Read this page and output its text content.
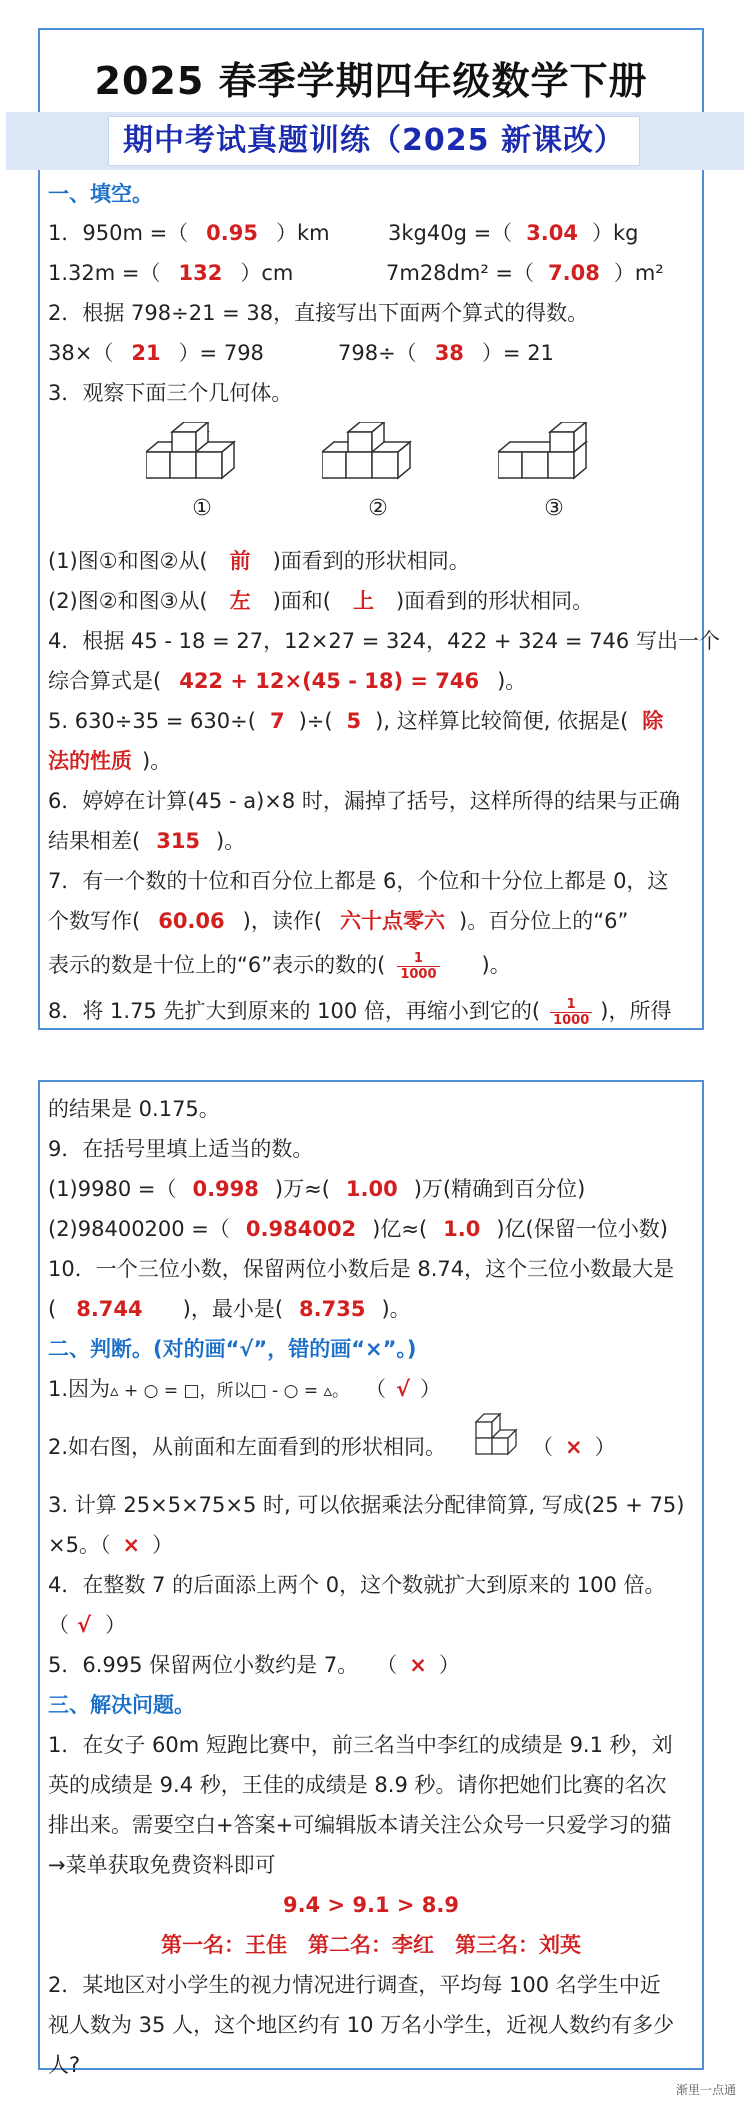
2025 春季学期四年级数学下册
期中考试真题训练（2025 新课改）
一、填空。
1．950m =（ 0.95 ）km	3kg40g =（ 3.04 ）kg
1.32m =（ 132 ）cm	7m28dm² =（ 7.08 ）m²
2．根据 798÷21 = 38，直接写出下面两个算式的得数。
38×（ 21 ）= 798	798÷（ 38 ）= 21
3．观察下面三个几何体。
①	②	③
(1)图①和图②从( 前 )面看到的形状相同。
(2)图②和图③从( 左 )面和( 上 )面看到的形状相同。
4．根据 45 - 18 = 27，12×27 = 324，422 + 324 = 746 写出一个
综合算式是( 422 + 12×(45 - 18) = 746 )。
5. 630÷35 = 630÷( 7 )÷( 5 ), 这样算比较简便, 依据是( 除
法的性质 )。
6．婷婷在计算(45 - a)×8 时，漏掉了括号，这样所得的结果与正确
结果相差( 315 )。
7．有一个数的十位和百分位上都是 6，个位和十分位上都是 0，这
个数写作( 60.06 )，读作( 六十点零六 )。百分位上的“6”
表示的数是十位上的“6”表示的数的( $\frac{1}{1000}$ )。
8．将 1.75 先扩大到原来的 100 倍，再缩小到它的( $\frac{1}{1000}$ )，所得
的结果是 0.175。
9．在括号里填上适当的数。
(1)9980 =（ 0.998 )万≈( 1.00 )万(精确到百分位)
(2)98400200 =（ 0.984002 )亿≈( 1.0 )亿(保留一位小数)
10．一个三位小数，保留两位小数后是 8.74，这个三位小数最大是
( 8.744 )，最小是( 8.735 )。
二、判断。(对的画“√”，错的画“×”。)
1.因为▵ + ○ = □，所以□ - ○ = ▵。 （ √ ）
2.如右图，从前面和左面看到的形状相同。	（ × ）
3. 计算 25×5×75×5 时, 可以依据乘法分配律简算, 写成(25 + 75)
×5。（ × ）
4．在整数 7 的后面添上两个 0，这个数就扩大到原来的 100 倍。
（ √ ）
5．6.995 保留两位小数约是 7。 （ × ）
三、解决问题。
1．在女子 60m 短跑比赛中，前三名当中李红的成绩是 9.1 秒，刘
英的成绩是 9.4 秒，王佳的成绩是 8.9 秒。请你把她们比赛的名次
排出来。需要空白+答案+可编辑版本请关注公众号一只爱学习的猫
→菜单获取免费资料即可
9.4 > 9.1 > 8.9
第一名：王佳　第二名：李红　第三名：刘英
2．某地区对小学生的视力情况进行调查，平均每 100 名学生中近
视人数为 35 人，这个地区约有 10 万名小学生，近视人数约有多少
人?
渐里一点通
